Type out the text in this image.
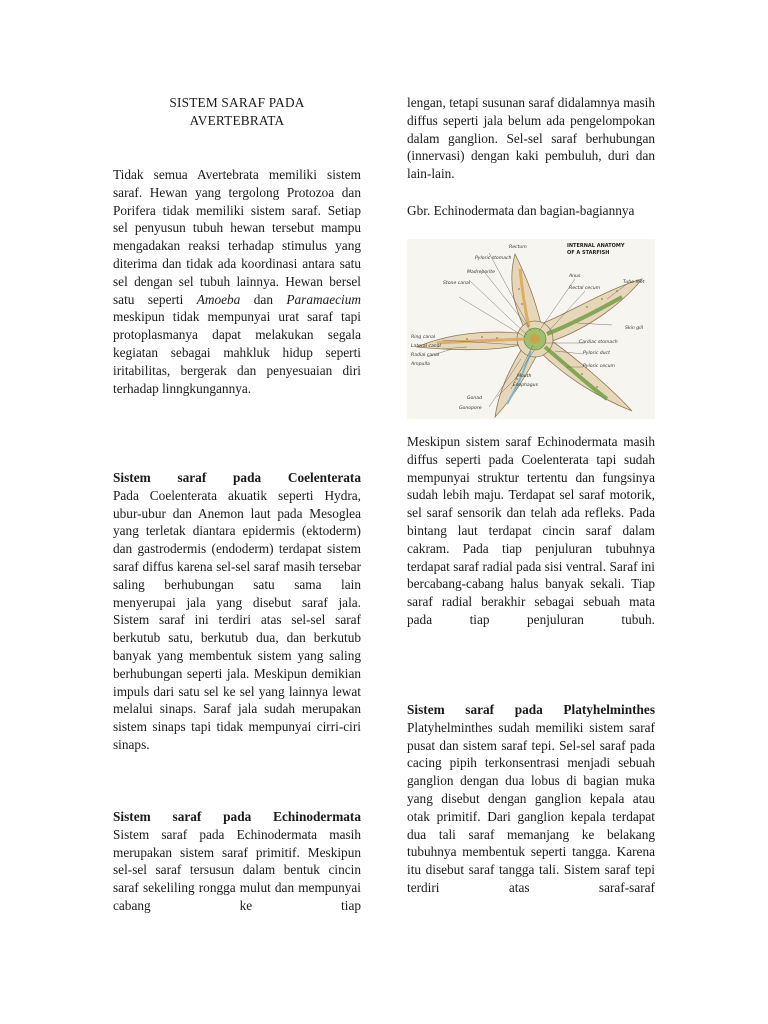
SISTEM SARAF PADA
AVERTEBRATA

Tidak semua Avertebrata memiliki sistem saraf. Hewan yang tergolong Protozoa dan Porifera tidak memiliki sistem saraf. Setiap sel penyusun tubuh hewan tersebut mampu mengadakan reaksi terhadap stimulus yang diterima dan tidak ada koordinasi antara satu sel dengan sel tubuh lainnya. Hewan bersel satu seperti Amoeba dan Paramaecium meskipun tidak mempunyai urat saraf tapi protoplasmanya dapat melakukan segala kegiatan sebagai mahkluk hidup seperti iritabilitas, bergerak dan penyesuaian diri terhadap linngkungannya.

Sistem saraf pada Coelenterata

Pada Coelenterata akuatik seperti Hydra, ubur-ubur dan Anemon laut pada Mesoglea yang terletak diantara epidermis (ektoderm) dan gastrodermis (endoderm) terdapat sistem saraf diffus karena sel-sel saraf masih tersebar saling berhubungan satu sama lain menyerupai jala yang disebut saraf jala. Sistem saraf ini terdiri atas sel-sel saraf berkutub satu, berkutub dua, dan berkutub banyak yang membentuk sistem yang saling berhubungan seperti jala. Meskipun demikian impuls dari satu sel ke sel yang lainnya lewat melalui sinaps. Saraf jala sudah merupakan sistem sinaps tapi tidak mempunyai cirri-ciri sinaps.

Sistem saraf pada Echinodermata

Sistem saraf pada Echinodermata masih merupakan sistem saraf primitif. Meskipun sel-sel saraf tersusun dalam bentuk cincin saraf sekeliling rongga mulut dan mempunyai cabang ke tiap

lengan, tetapi susunan saraf didalamnya masih diffus seperti jala belum ada pengelompokan dalam ganglion. Sel-sel saraf berhubungan (innervasi) dengan kaki pembuluh, duri dan lain-lain.

Gbr. Echinodermata dan bagian-bagiannya

INTERNAL ANATOMY
OF A STARFISH
Rectum
Pyloric stomach
Madreporite
Stone canal
Anus
Rectal cecum
Tube feet
Skin gill
Ring canal
Lateral canal
Radial canal
Ampulla
Cardiac stomach
Pyloric duct
Pyloric cecum
Mouth
Esophagus
Gonad
Gonopore

Meskipun sistem saraf Echinodermata masih diffus seperti pada Coelenterata tapi sudah mempunyai struktur tertentu dan fungsinya sudah lebih maju. Terdapat sel saraf motorik, sel saraf sensorik dan telah ada refleks. Pada bintang laut terdapat cincin saraf dalam cakram. Pada tiap penjuluran tubuhnya terdapat saraf radial pada sisi ventral. Saraf ini bercabang-cabang halus banyak sekali. Tiap saraf radial berakhir sebagai sebuah mata pada tiap penjuluran tubuh.

Sistem saraf pada Platyhelminthes

Platyhelminthes sudah memiliki sistem saraf pusat dan sistem saraf tepi. Sel-sel saraf pada cacing pipih terkonsentrasi menjadi sebuah ganglion dengan dua lobus di bagian muka yang disebut dengan ganglion kepala atau otak primitif. Dari ganglion kepala terdapat dua tali saraf memanjang ke belakang tubuhnya membentuk seperti tangga. Karena itu disebut saraf tangga tali. Sistem saraf tepi terdiri atas saraf-saraf
